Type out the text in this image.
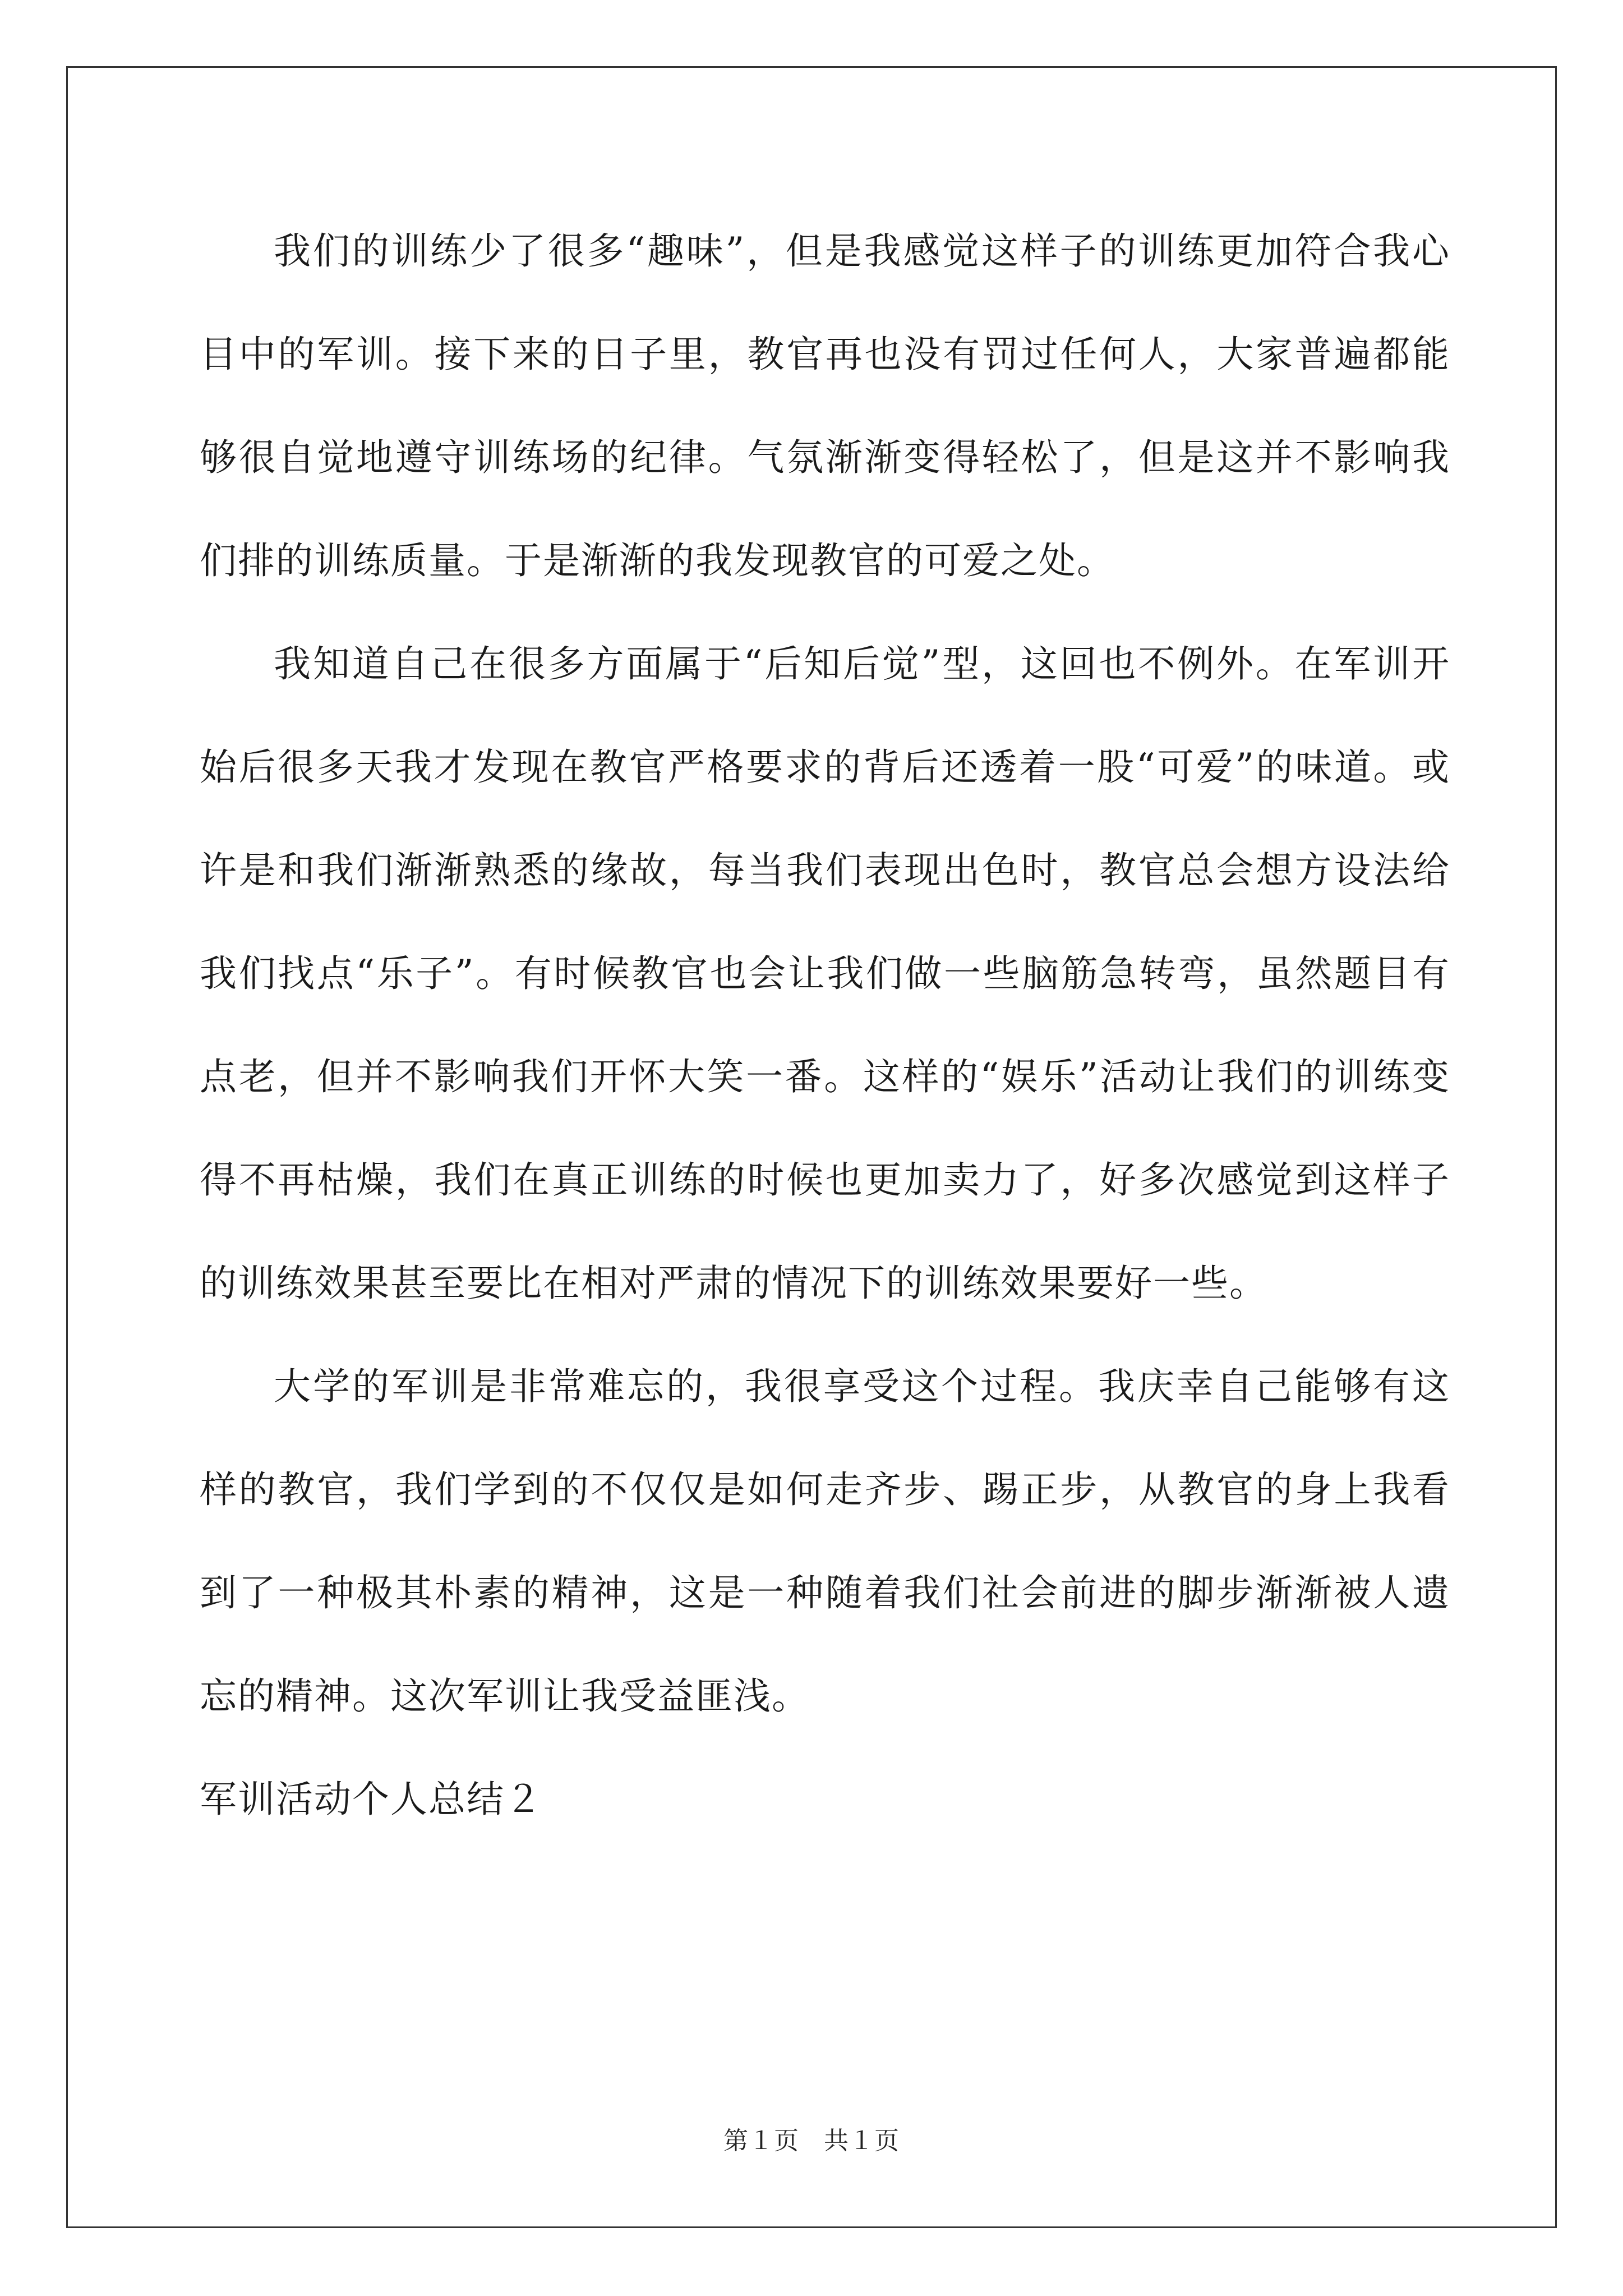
我们的训练少了很多“趣味”，但是我感觉这样子的训练更加符合我心目中的军训。接下来的日子里，教官再也没有罚过任何人，大家普遍都能够很自觉地遵守训练场的纪律。气氛渐渐变得轻松了，但是这并不影响我们排的训练质量。于是渐渐的我发现教官的可爱之处。

我知道自己在很多方面属于“后知后觉”型，这回也不例外。在军训开始后很多天我才发现在教官严格要求的背后还透着一股“可爱”的味道。或许是和我们渐渐熟悉的缘故，每当我们表现出色时，教官总会想方设法给我们找点“乐子”。有时候教官也会让我们做一些脑筋急转弯，虽然题目有点老，但并不影响我们开怀大笑一番。这样的“娱乐”活动让我们的训练变得不再枯燥，我们在真正训练的时候也更加卖力了，好多次感觉到这样子的训练效果甚至要比在相对严肃的情况下的训练效果要好一些。

大学的军训是非常难忘的，我很享受这个过程。我庆幸自己能够有这样的教官，我们学到的不仅仅是如何走齐步、踢正步，从教官的身上我看到了一种极其朴素的精神，这是一种随着我们社会前进的脚步渐渐被人遗忘的精神。这次军训让我受益匪浅。

军训活动个人总结２

第１页 共１页
